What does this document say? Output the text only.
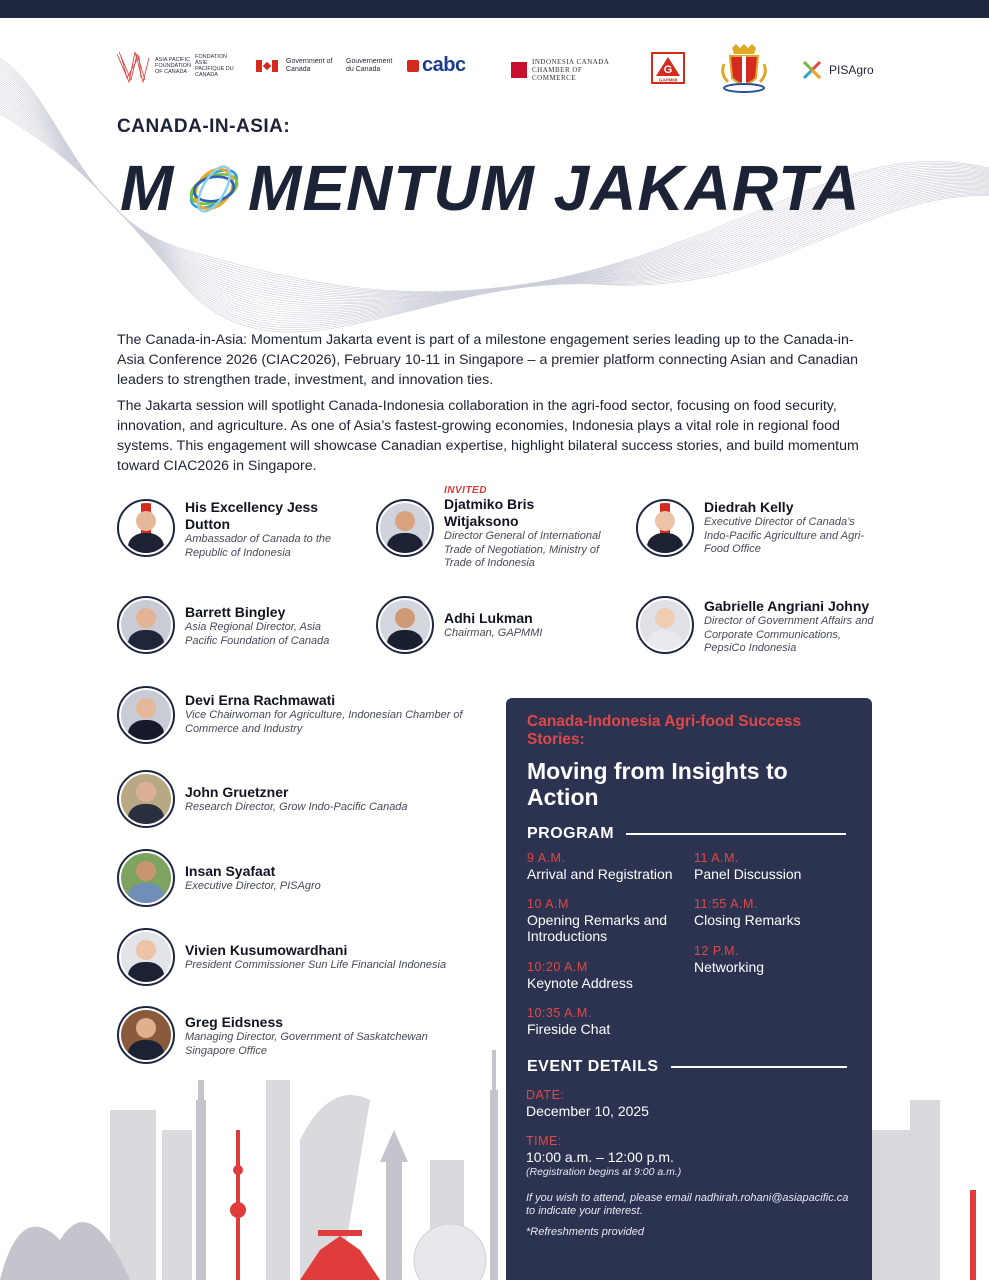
ASIA PACIFIC FOUNDATION OF CANADA
FONDATION ASIE PACIFIQUE DU CANADA
Government of Canada
Gouvernement du Canada	cabc	INDONESIA CANADA CHAMBER OF COMMERCE
G
GAPMMI
PISAgro
CANADA-IN-ASIA:
M MENTUM JAKARTA

The Canada-in-Asia: Momentum Jakarta event is part of a milestone engagement series leading up to the Canada-in-Asia Conference 2026 (CIAC2026), February 10-11 in Singapore – a premier platform connecting Asian and Canadian leaders to strengthen trade, investment, and innovation ties.

The Jakarta session will spotlight Canada-Indonesia collaboration in the agri-food sector, focusing on food security, innovation, and agriculture. As one of Asia’s fastest-growing economies, Indonesia plays a vital role in regional food systems. This engagement will showcase Canadian expertise, highlight bilateral success stories, and build momentum toward CIAC2026 in Singapore.

His Excellency Jess Dutton
Ambassador of Canada to the Republic of Indonesia
INVITED
Djatmiko Bris Witjaksono
Director General of International Trade of Negotiation, Ministry of Trade of Indonesia
Diedrah Kelly
Executive Director of Canada’s Indo-Pacific Agriculture and Agri-Food Office
Barrett Bingley
Asia Regional Director, Asia Pacific Foundation of Canada
Adhi Lukman
Chairman, GAPMMI
Gabrielle Angriani Johny
Director of Government Affairs and Corporate Communications, PepsiCo Indonesia
Devi Erna Rachmawati
Vice Chairwoman for Agriculture, Indonesian Chamber of Commerce and Industry
John Gruetzner
Research Director, Grow Indo-Pacific Canada
Insan Syafaat
Executive Director, PISAgro
Vivien Kusumowardhani
President Commissioner Sun Life Financial Indonesia
Greg Eidsness
Managing Director, Government of Saskatchewan Singapore Office
Canada-Indonesia Agri-food Success Stories:
Moving from Insights to Action
PROGRAM
9 A.M.
Arrival and Registration
10 A.M
Opening Remarks and Introductions
10:20 A.M
Keynote Address
10:35 A.M.
Fireside Chat
11 A.M.
Panel Discussion
11:55 A.M.
Closing Remarks
12 P.M.
Networking
EVENT DETAILS
DATE:
December 10, 2025
TIME:
10:00 a.m. – 12:00 p.m.
(Registration begins at 9:00 a.m.)
If you wish to attend, please email nadhirah.rohani@asiapacific.ca to indicate your interest.
*Refreshments provided
